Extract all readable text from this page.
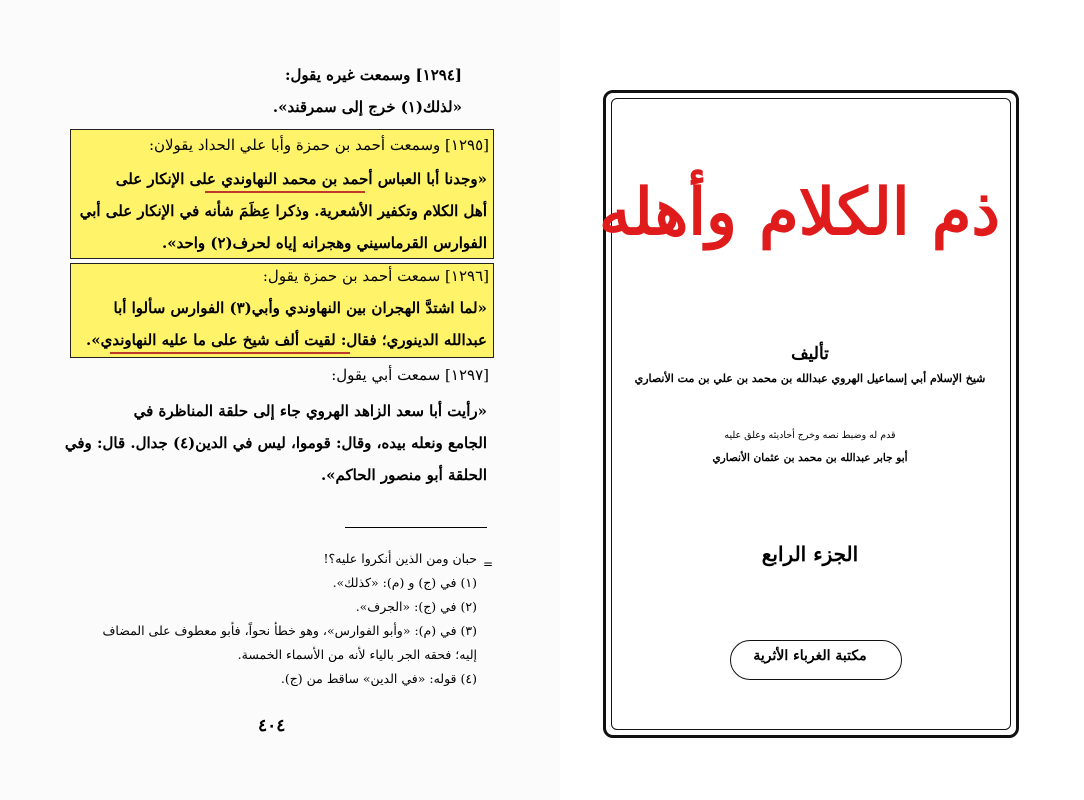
[١٢٩٤] وسمعت غيره يقول:
«لذلك(١) خرج إلى سمرقند».
[١٢٩٥] وسمعت أحمد بن حمزة وأبا علي الحداد يقولان:
«وجدنا أبا العباس أحمد بن محمد النهاوندي على الإنكار على
أهل الكلام وتكفير الأشعرية. وذكرا عِظَمَ شأنه في الإنكار على أبي
الفوارس القرماسيني وهجرانه إياه لحرف(٢) واحد».
[١٢٩٦] سمعت أحمد بن حمزة يقول:
«لما اشتدَّ الهجران بين النهاوندي وأبي(٣) الفوارس سألوا أبا
عبدالله الدينوري؛ فقال: لقيت ألف شيخ على ما عليه النهاوندي».
[١٢٩٧] سمعت أبي يقول:
«رأيت أبا سعد الزاهد الهروي جاء إلى حلقة المناظرة في
الجامع ونعله بيده، وقال: قوموا، ليس في الدين(٤) جدال. قال: وفي
الحلقة أبو منصور الحاكم».
=
حبان ومن الذين أنكروا عليه؟!
(١) في (ج) و (م): «كذلك».
(٢) في (ج): «الجرف».
(٣) في (م): «وأبو الفوارس»، وهو خطأ نحواً، فأبو معطوف على المضاف
إليه؛ فحقه الجر بالياء لأنه من الأسماء الخمسة.
(٤) قوله: «في الدين» ساقط من (ج).
٤٠٤
ذم الكلام وأهله
تأليف
شيخ الإسلام أبي إسماعيل الهروي عبدالله بن محمد بن علي بن مت الأنصاري
قدم له وضبط نصه وخرج أحاديثه وعلق عليه
أبو جابر عبدالله بن محمد بن عثمان الأنصاري
الجزء الرابع
مكتبة الغرباء الأثرية
